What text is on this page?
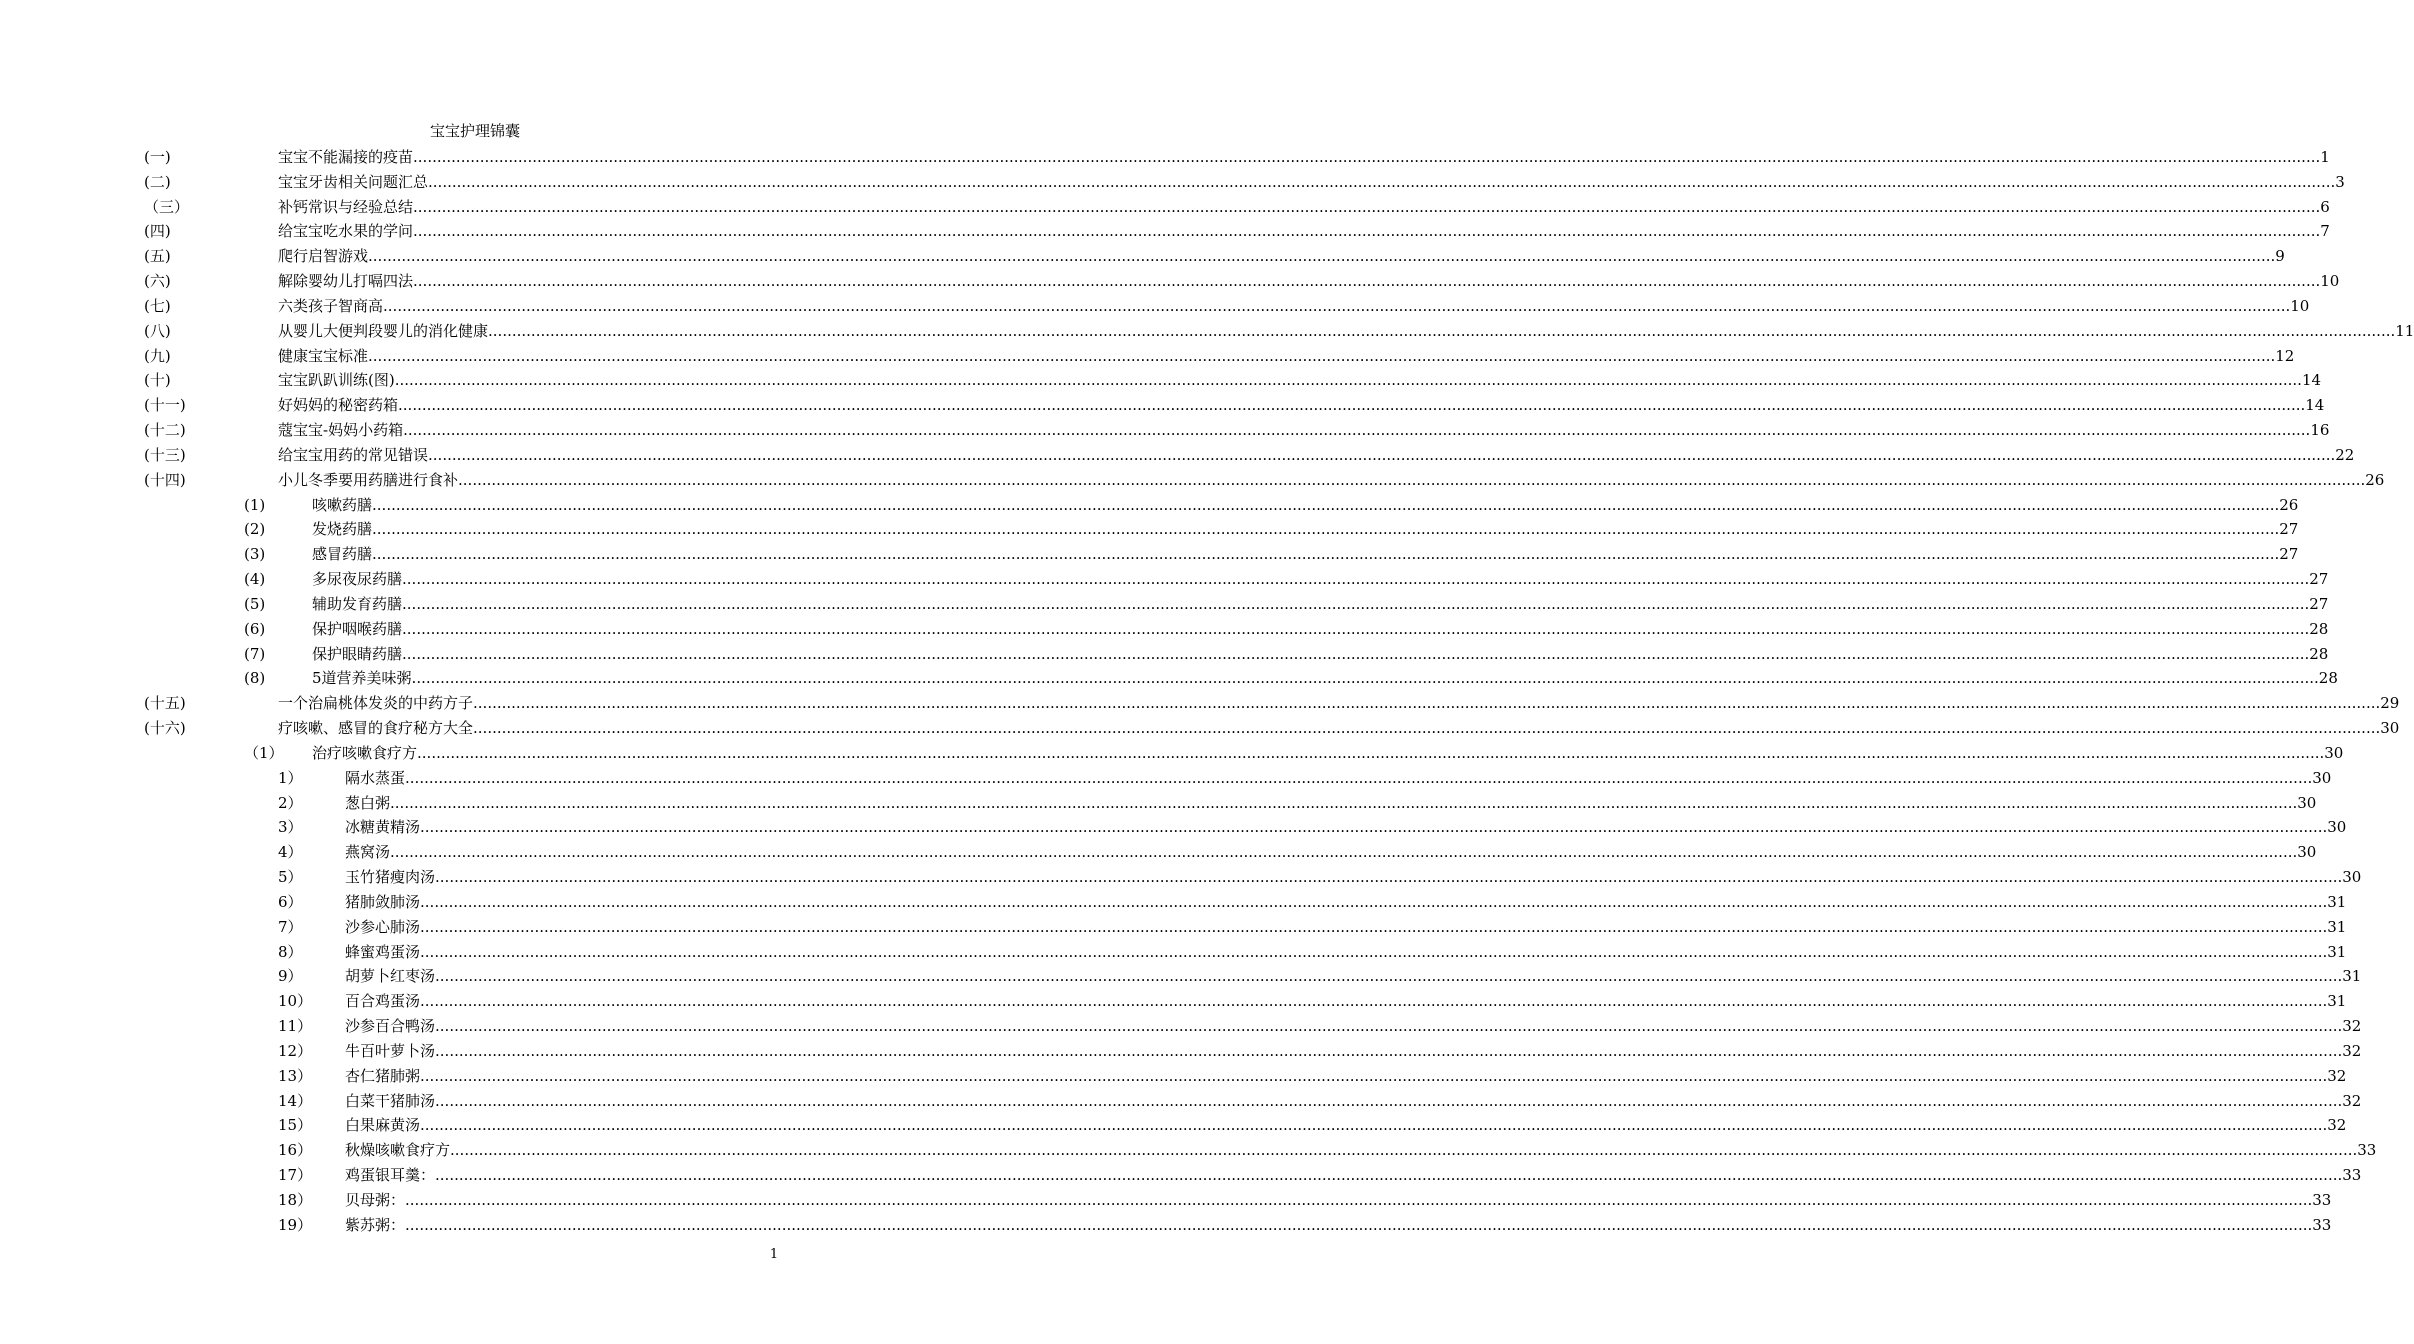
宝宝护理锦囊
(一)	宝宝不能漏接的疫苗 ................................................................................................................................................................................................................................................................................................................................................................................................................ 1
(二)	宝宝牙齿相关问题汇总 ................................................................................................................................................................................................................................................................................................................................................................................................................ 3
（三）	补钙常识与经验总结 ................................................................................................................................................................................................................................................................................................................................................................................................................ 6
(四)	给宝宝吃水果的学问 ................................................................................................................................................................................................................................................................................................................................................................................................................ 7
(五)	爬行启智游戏 ................................................................................................................................................................................................................................................................................................................................................................................................................ 9
(六)	解除婴幼儿打嗝四法 ................................................................................................................................................................................................................................................................................................................................................................................................................ 10
(七)	六类孩子智商高 ................................................................................................................................................................................................................................................................................................................................................................................................................ 10
(八)	从婴儿大便判段婴儿的消化健康 ................................................................................................................................................................................................................................................................................................................................................................................................................ 11
(九)	健康宝宝标准 ................................................................................................................................................................................................................................................................................................................................................................................................................ 12
(十)	宝宝趴趴训练(图) ................................................................................................................................................................................................................................................................................................................................................................................................................ 14
(十一)	好妈妈的秘密药箱 ................................................................................................................................................................................................................................................................................................................................................................................................................ 14
(十二)	蔻宝宝-妈妈小药箱 ................................................................................................................................................................................................................................................................................................................................................................................................................ 16
(十三)	给宝宝用药的常见错误 ................................................................................................................................................................................................................................................................................................................................................................................................................ 22
(十四)	小儿冬季要用药膳进行食补 ................................................................................................................................................................................................................................................................................................................................................................................................................ 26
(1)	咳嗽药膳 ................................................................................................................................................................................................................................................................................................................................................................................................................ 26
(2)	发烧药膳 ................................................................................................................................................................................................................................................................................................................................................................................................................ 27
(3)	感冒药膳 ................................................................................................................................................................................................................................................................................................................................................................................................................ 27
(4)	多尿夜尿药膳 ................................................................................................................................................................................................................................................................................................................................................................................................................ 27
(5)	辅助发育药膳 ................................................................................................................................................................................................................................................................................................................................................................................................................ 27
(6)	保护咽喉药膳 ................................................................................................................................................................................................................................................................................................................................................................................................................ 28
(7)	保护眼睛药膳 ................................................................................................................................................................................................................................................................................................................................................................................................................ 28
(8)	5道营养美味粥 ................................................................................................................................................................................................................................................................................................................................................................................................................ 28
(十五)	一个治扁桃体发炎的中药方子 ................................................................................................................................................................................................................................................................................................................................................................................................................ 29
(十六)	疗咳嗽、感冒的食疗秘方大全 ................................................................................................................................................................................................................................................................................................................................................................................................................ 30
（1） 治疗咳嗽食疗方 ................................................................................................................................................................................................................................................................................................................................................................................................................ 30
1）	隔水蒸蛋 ................................................................................................................................................................................................................................................................................................................................................................................................................ 30
2）	葱白粥 ................................................................................................................................................................................................................................................................................................................................................................................................................ 30
3）	冰糖黄精汤 ................................................................................................................................................................................................................................................................................................................................................................................................................ 30
4）	燕窝汤 ................................................................................................................................................................................................................................................................................................................................................................................................................ 30
5）	玉竹猪瘦肉汤 ................................................................................................................................................................................................................................................................................................................................................................................................................ 30
6）	猪肺敛肺汤 ................................................................................................................................................................................................................................................................................................................................................................................................................ 31
7）	沙参心肺汤 ................................................................................................................................................................................................................................................................................................................................................................................................................ 31
8）	蜂蜜鸡蛋汤 ................................................................................................................................................................................................................................................................................................................................................................................................................ 31
9）	胡萝卜红枣汤 ................................................................................................................................................................................................................................................................................................................................................................................................................ 31
10） 百合鸡蛋汤 ................................................................................................................................................................................................................................................................................................................................................................................................................ 31
11） 沙参百合鸭汤 ................................................................................................................................................................................................................................................................................................................................................................................................................ 32
12） 牛百叶萝卜汤 ................................................................................................................................................................................................................................................................................................................................................................................................................ 32
13） 杏仁猪肺粥 ................................................................................................................................................................................................................................................................................................................................................................................................................ 32
14） 白菜干猪肺汤 ................................................................................................................................................................................................................................................................................................................................................................................................................ 32
15） 白果麻黄汤 ................................................................................................................................................................................................................................................................................................................................................................................................................ 32
16） 秋燥咳嗽食疗方 ................................................................................................................................................................................................................................................................................................................................................................................................................ 33
17） 鸡蛋银耳羹： ................................................................................................................................................................................................................................................................................................................................................................................................................ 33
18） 贝母粥： ................................................................................................................................................................................................................................................................................................................................................................................................................ 33
19） 紫苏粥： ................................................................................................................................................................................................................................................................................................................................................................................................................ 33
1
